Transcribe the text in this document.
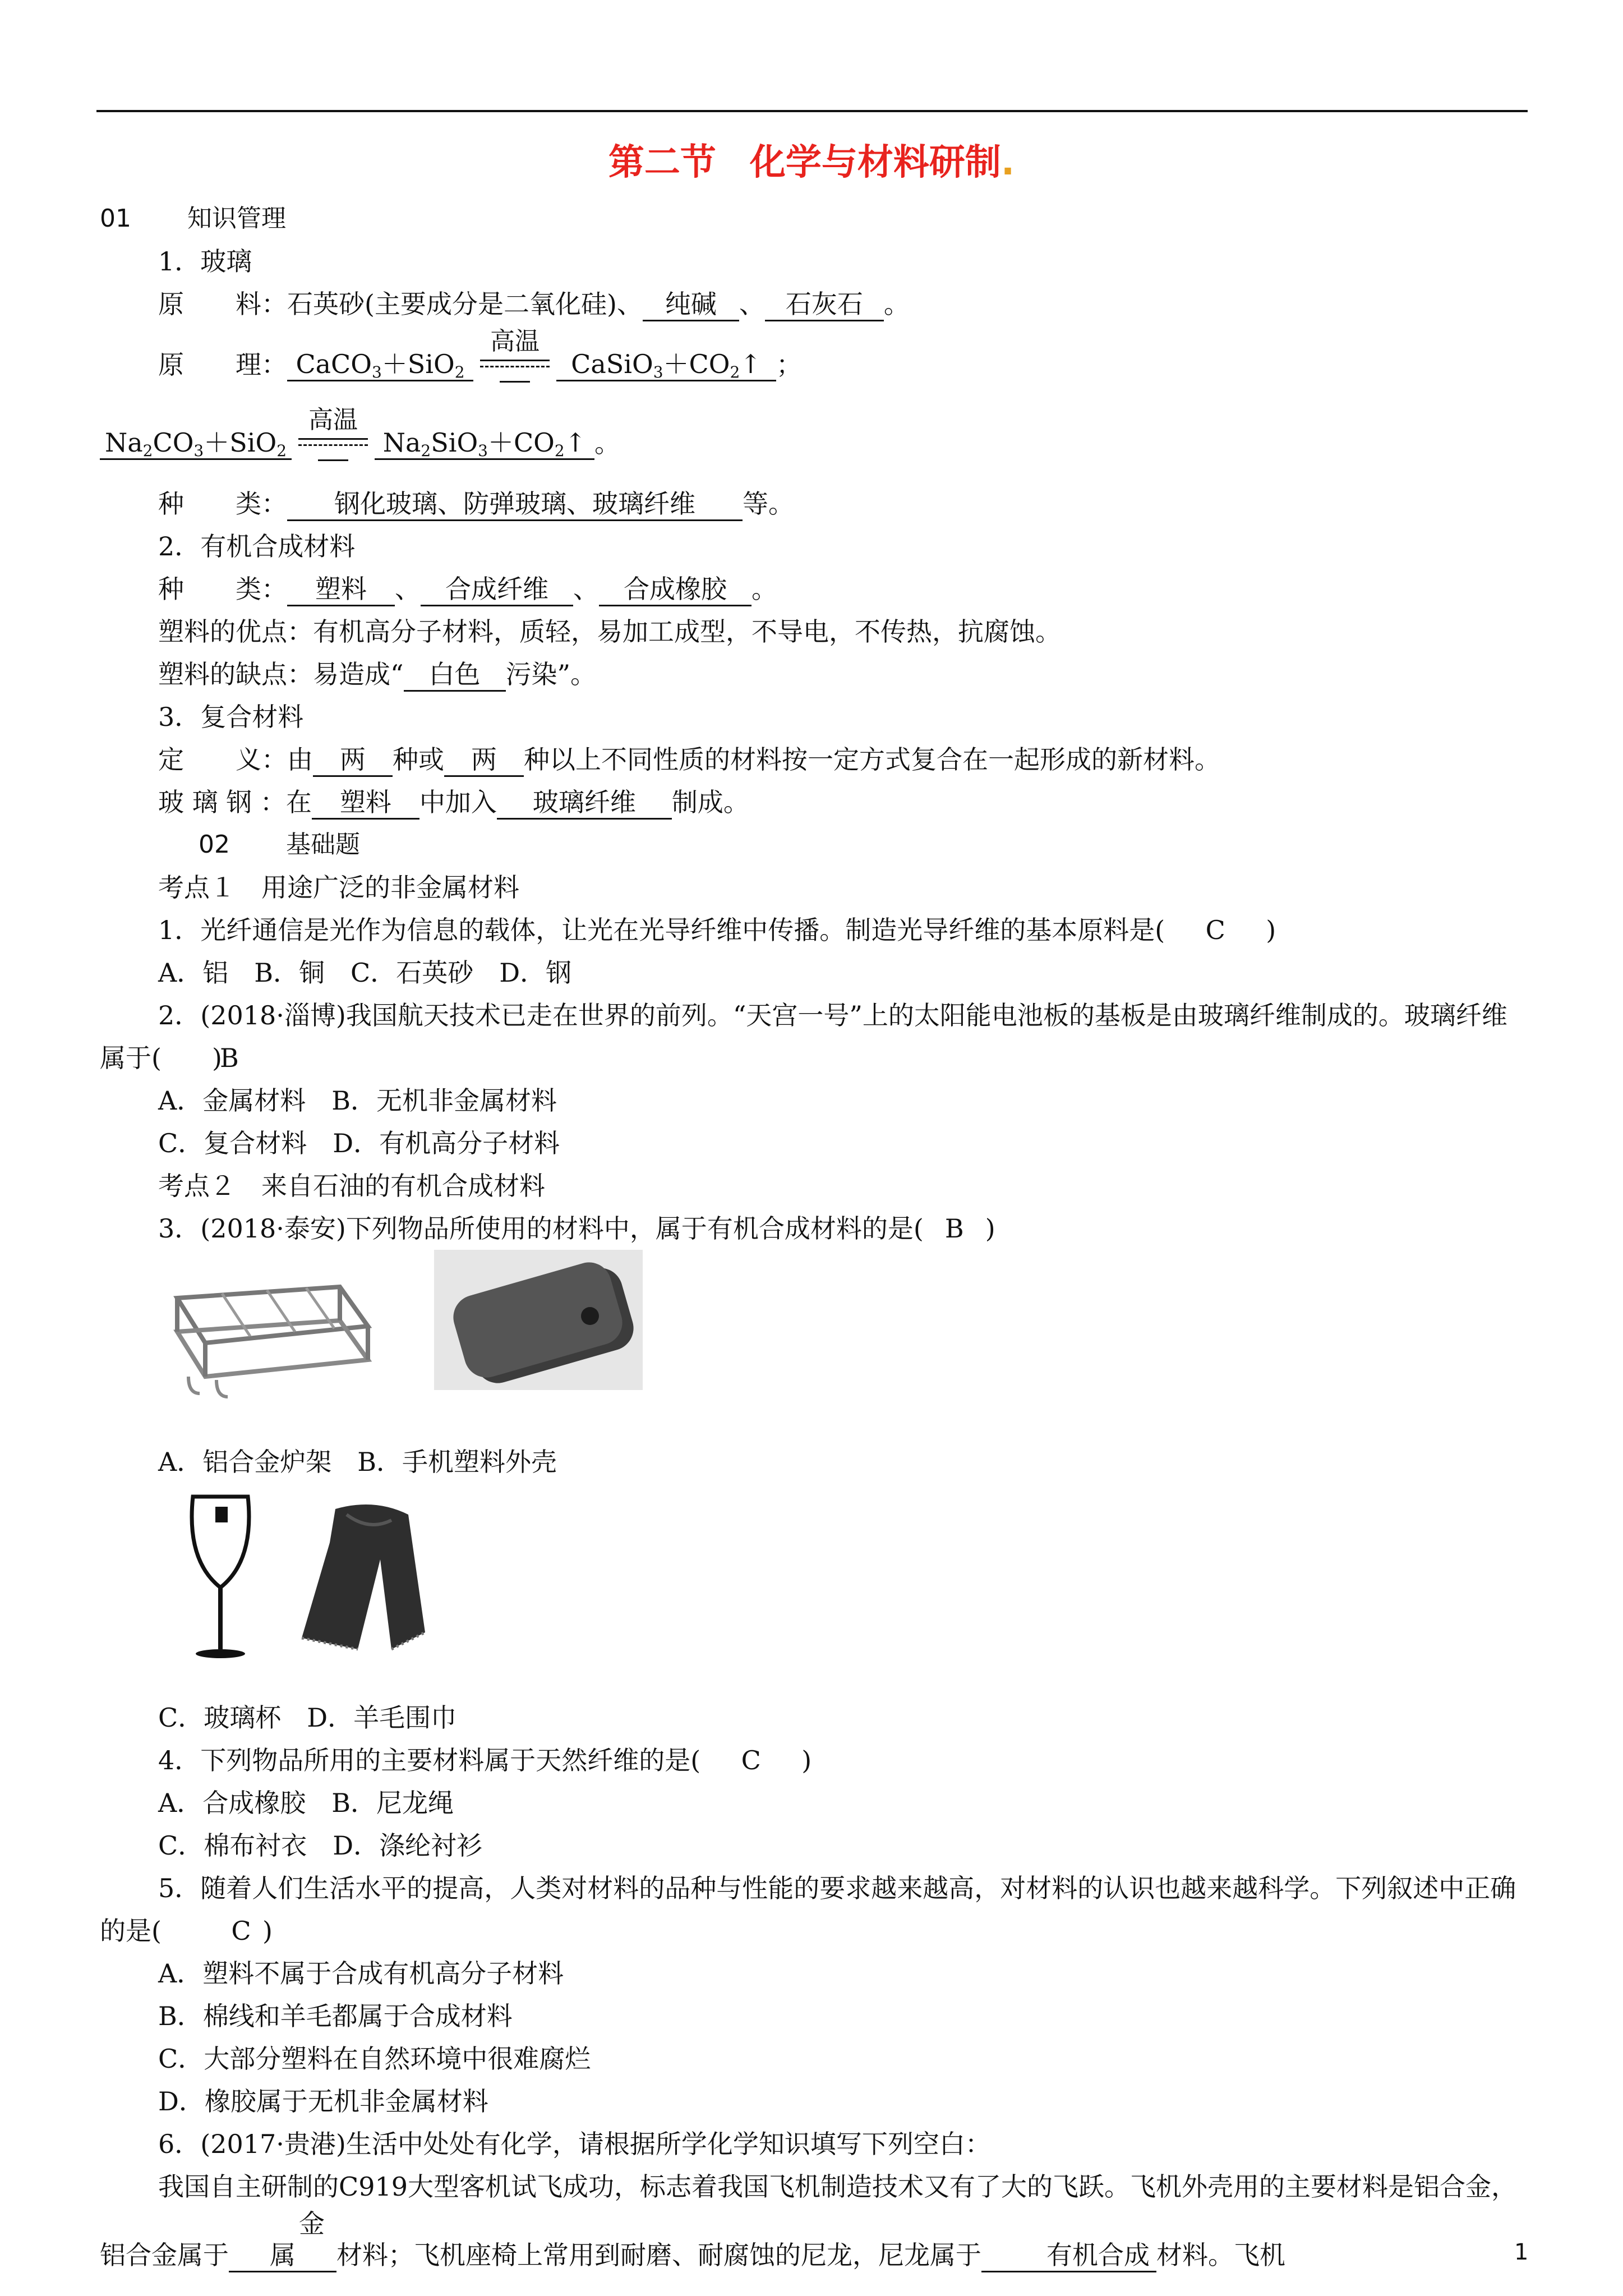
第二节 化学与材料研制.
01 知识管理
1．玻璃
原　　料：石英砂(主要成分是二氧化硅)、 纯碱 、 石灰石 。
原　　理： CaCO$_3$＋SiO$_2$
高温
$CaSiO_3+CO_2↑$ ；
$Na_2CO_3+SiO_2$
高温
$Na_2SiO_3+CO_2↑$ 。
种　　类： 钢化玻璃、防弹玻璃、玻璃纤维 等。
2．有机合成材料
种　　类： 塑料 、 合成纤维 、 合成橡胶 。
塑料的优点：有机高分子材料，质轻，易加工成型，不导电，不传热，抗腐蚀。
塑料的缺点：易造成“ 白色 污染”。
3．复合材料
定　　义：由 两 种或 两 种以上不同性质的材料按一定方式复合在一起形成的新材料。
玻 璃 钢 ：在 塑料 中加入 玻璃纤维 制成。
02 基础题
考点１　用途广泛的非金属材料
1．光纤通信是光作为信息的载体，让光在光导纤维中传播。制造光导纤维的基本原料是( C )
A．铝　B．铜　C．石英砂　D．钢
2．(2018·淄博)我国航天技术已走在世界的前列。“天宫一号”上的太阳能电池板的基板是由玻璃纤维制成的。玻璃纤维属于( B)
A．金属材料　B．无机非金属材料
C．复合材料　D．有机高分子材料
考点２　来自石油的有机合成材料
3．(2018·泰安)下列物品所使用的材料中，属于有机合成材料的是( B )
A．铝合金炉架　B．手机塑料外壳
C．玻璃杯　D．羊毛围巾
4．下列物品所用的主要材料属于天然纤维的是( C )
A．合成橡胶　B．尼龙绳
C．棉布衬衣　D．涤纶衬衫
5．随着人们生活水平的提高，人类对材料的品种与性能的要求越来越高，对材料的认识也越来越科学。下列叙述中正确的是(	C )
A．塑料不属于合成有机高分子材料
B．棉线和羊毛都属于合成材料
C．大部分塑料在自然环境中很难腐烂
D．橡胶属于无机非金属材料
6．(2017·贵港)生活中处处有化学，请根据所学化学知识填写下列空白：
我国自主研制的C919大型客机试飞成功，标志着我国飞机制造技术又有了大的飞跃。飞机外壳用的主要材料是铝合金，铝合金属于金属 材料；飞机座椅上常用到耐磨、耐腐蚀的尼龙，尼龙属于	有机合成 材料。飞机	1
